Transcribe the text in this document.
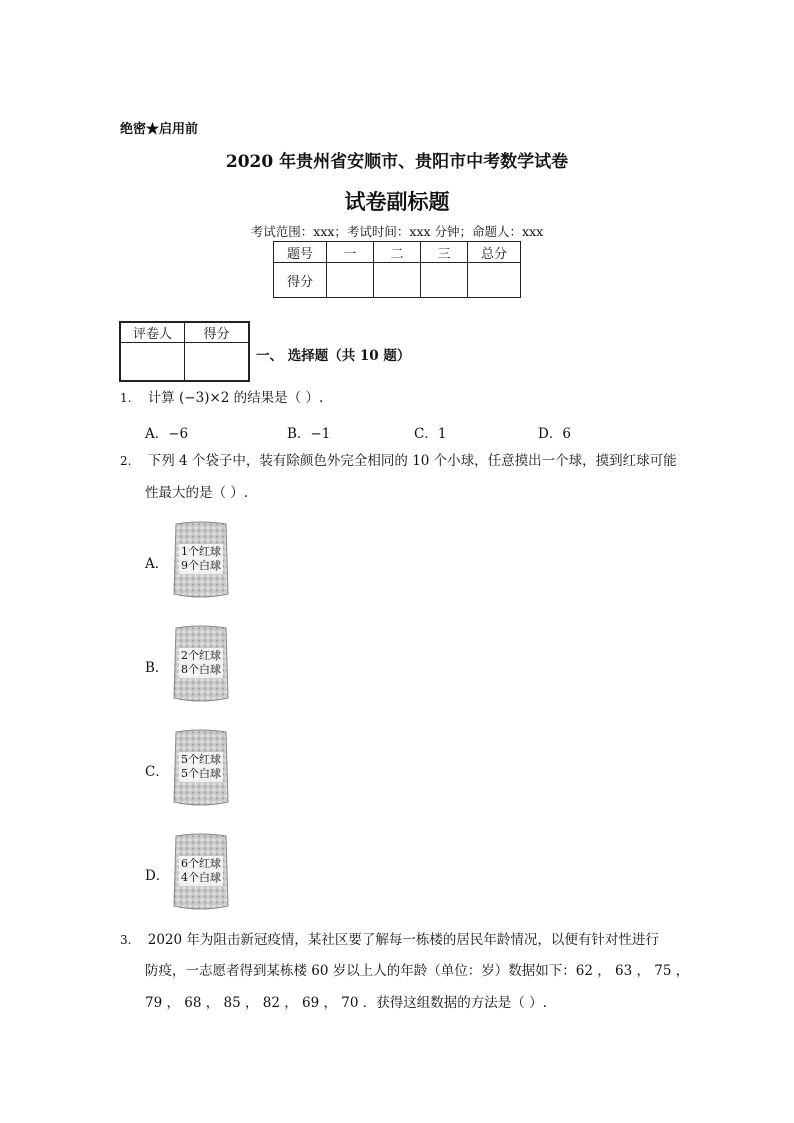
绝密★启用前
2020 年贵州省安顺市、贵阳市中考数学试卷
试卷副标题
考试范围：xxx；考试时间：xxx 分钟；命题人：xxx
题号	一	二	三	总分
得分				
评卷人	得分

一、 选择题（共 10 题）
1. 计算 (−3)×2 的结果是（ ）.
A．−6	B．−1	C．1	D．6
2. 下列 4 个袋子中，装有除颜色外完全相同的 10 个小球，任意摸出一个球，摸到红球可能
性最大的是（ ）.
A．
1个红球
9个白球
B．
2个红球
8个白球
C．
5个红球
5个白球
D．
6个红球
4个白球
3. 2020 年为阻击新冠疫情，某社区要了解每一栋楼的居民年龄情况，以便有针对性进行
防疫，一志愿者得到某栋楼 60 岁以上人的年龄（单位：岁）数据如下：62 ， 63 ， 75 ，
79 ， 68 ， 85 ， 82 ， 69 ， 70 ．获得这组数据的方法是（ ）.
